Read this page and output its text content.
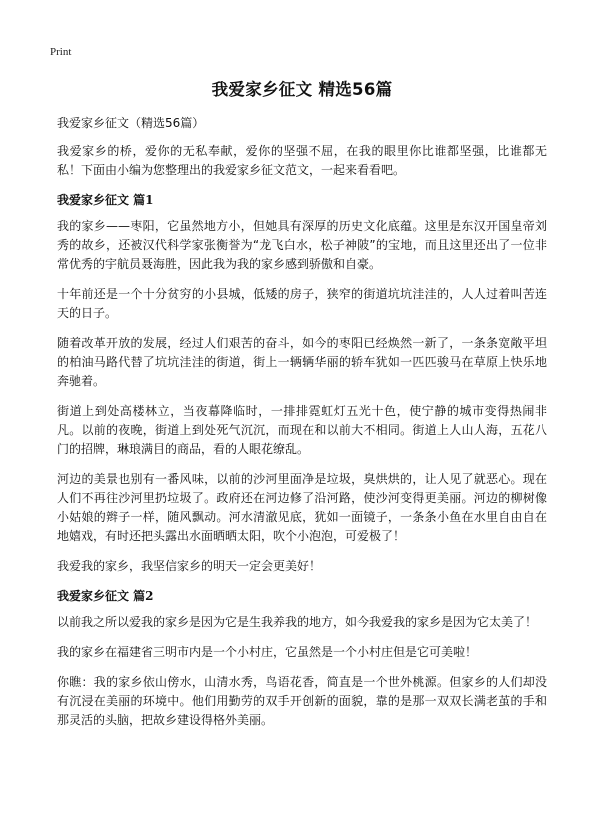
Print
我爱家乡征文 精选56篇
我爱家乡征文（精选56篇）
我爱家乡的桥，爱你的无私奉献，爱你的坚强不屈，在我的眼里你比谁都坚强，比谁都无私！下面由小编为您整理出的我爱家乡征文范文，一起来看看吧。
我爱家乡征文 篇1
我的家乡——枣阳，它虽然地方小，但她具有深厚的历史文化底蕴。这里是东汉开国皇帝刘秀的故乡，还被汉代科学家张衡誉为“龙飞白水，松子神陂”的宝地，而且这里还出了一位非常优秀的宇航员聂海胜，因此我为我的家乡感到骄傲和自豪。
十年前还是一个十分贫穷的小县城，低矮的房子，狭窄的街道坑坑洼洼的，人人过着叫苦连天的日子。
随着改革开放的发展，经过人们艰苦的奋斗，如今的枣阳已经焕然一新了，一条条宽敞平坦的柏油马路代替了坑坑洼洼的街道，街上一辆辆华丽的轿车犹如一匹匹骏马在草原上快乐地奔驰着。
街道上到处高楼林立，当夜幕降临时，一排排霓虹灯五光十色，使宁静的城市变得热闹非凡。以前的夜晚，街道上到处死气沉沉，而现在和以前大不相同。街道上人山人海，五花八门的招牌，琳琅满目的商品，看的人眼花缭乱。
河边的美景也别有一番风味，以前的沙河里面净是垃圾，臭烘烘的，让人见了就恶心。现在人们不再往沙河里扔垃圾了。政府还在河边修了沿河路，使沙河变得更美丽。河边的柳树像小姑娘的辫子一样，随风飘动。河水清澈见底，犹如一面镜子，一条条小鱼在水里自由自在地嬉戏，有时还把头露出水面晒晒太阳，吹个小泡泡，可爱极了！
我爱我的家乡，我坚信家乡的明天一定会更美好！
我爱家乡征文 篇2
以前我之所以爱我的家乡是因为它是生我养我的地方，如今我爱我的家乡是因为它太美了！
我的家乡在福建省三明市内是一个小村庄，它虽然是一个小村庄但是它可美啦！
你瞧：我的家乡依山傍水，山清水秀，鸟语花香，简直是一个世外桃源。但家乡的人们却没有沉浸在美丽的环境中。他们用勤劳的双手开创新的面貌，靠的是那一双双长满老茧的手和那灵活的头脑，把故乡建设得格外美丽。
